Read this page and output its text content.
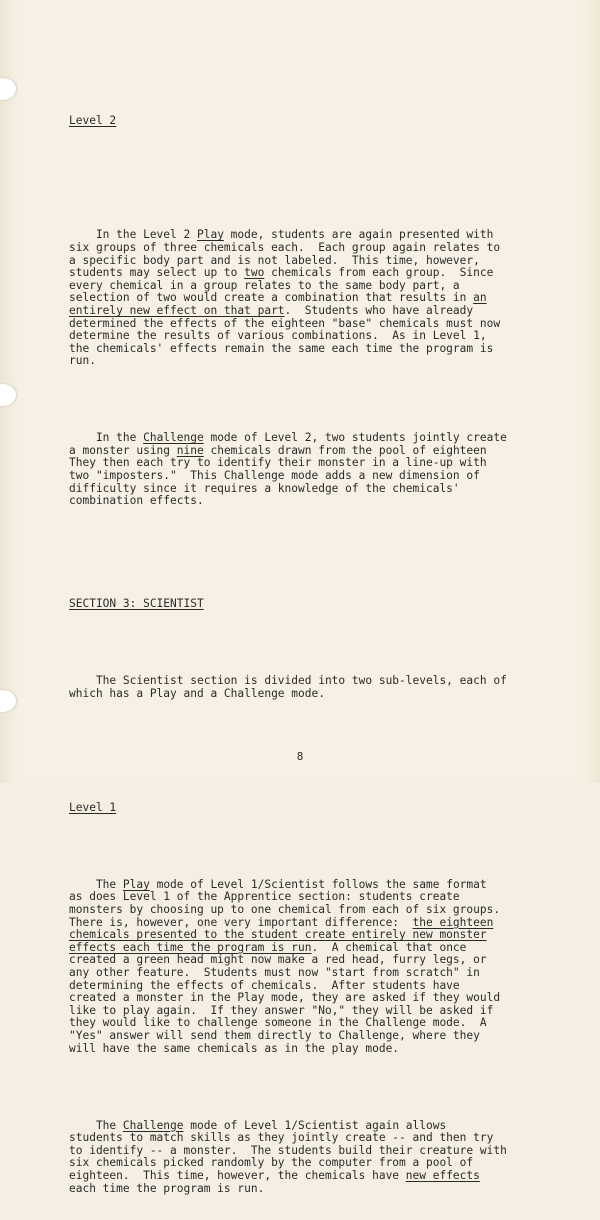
Level 2

In the Level 2 Play mode, students are again presented with
six groups of three chemicals each.  Each group again relates to
a specific body part and is not labeled.  This time, however,
students may select up to two chemicals from each group.  Since
every chemical in a group relates to the same body part, a
selection of two would create a combination that results in an
entirely new effect on that part.  Students who have already
determined the effects of the eighteen "base" chemicals must now
determine the results of various combinations.  As in Level 1,
the chemicals' effects remain the same each time the program is
run.

In the Challenge mode of Level 2, two students jointly create
a monster using nine chemicals drawn from the pool of eighteen
They then each try to identify their monster in a line-up with
two "imposters."  This Challenge mode adds a new dimension of
difficulty since it requires a knowledge of the chemicals'
combination effects.

SECTION 3: SCIENTIST

The Scientist section is divided into two sub-levels, each of
which has a Play and a Challenge mode.

Level 1

The Play mode of Level 1/Scientist follows the same format
as does Level 1 of the Apprentice section: students create
monsters by choosing up to one chemical from each of six groups.
There is, however, one very important difference:  the eighteen
chemicals presented to the student create entirely new monster
effects each time the program is run.  A chemical that once
created a green head might now make a red head, furry legs, or
any other feature.  Students must now "start from scratch" in
determining the effects of chemicals.  After students have
created a monster in the Play mode, they are asked if they would
like to play again.  If they answer "No," they will be asked if
they would like to challenge someone in the Challenge mode.  A
"Yes" answer will send them directly to Challenge, where they
will have the same chemicals as in the play mode.

The Challenge mode of Level 1/Scientist again allows
students to match skills as they jointly create -- and then try
to identify -- a monster.  The students build their creature with
six chemicals picked randomly by the computer from a pool of
eighteen.  This time, however, the chemicals have new effects
each time the program is run.

8
